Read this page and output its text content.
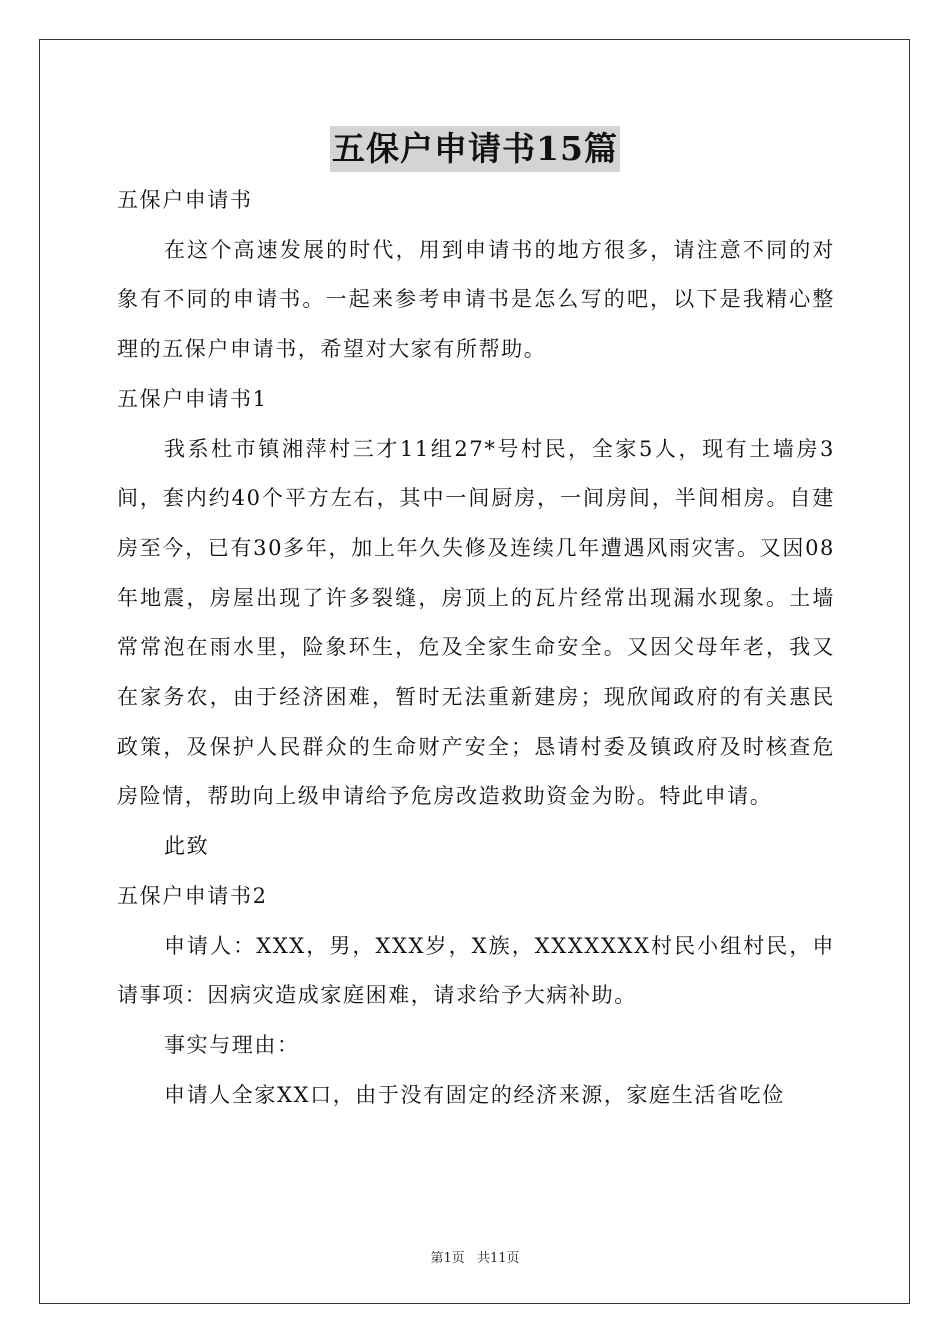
五保户申请书15篇

五保户申请书

在这个高速发展的时代，用到申请书的地方很多，请注意不同的对象有不同的申请书。一起来参考申请书是怎么写的吧，以下是我精心整理的五保户申请书，希望对大家有所帮助。

五保户申请书1

我系杜市镇湘萍村三才11组27*号村民，全家5人，现有土墙房3间，套内约40个平方左右，其中一间厨房，一间房间，半间相房。自建房至今，已有30多年，加上年久失修及连续几年遭遇风雨灾害。又因08年地震，房屋出现了许多裂缝，房顶上的瓦片经常出现漏水现象。土墙常常泡在雨水里，险象环生，危及全家生命安全。又因父母年老，我又在家务农，由于经济困难，暂时无法重新建房；现欣闻政府的有关惠民政策，及保护人民群众的生命财产安全；恳请村委及镇政府及时核查危房险情，帮助向上级申请给予危房改造救助资金为盼。特此申请。

此致

五保户申请书2

申请人：XXX，男，XXX岁，X族，XXXXXXX村民小组村民，申请事项：因病灾造成家庭困难，请求给予大病补助。

事实与理由：

申请人全家XX口，由于没有固定的经济来源，家庭生活省吃俭

第1页 共11页
